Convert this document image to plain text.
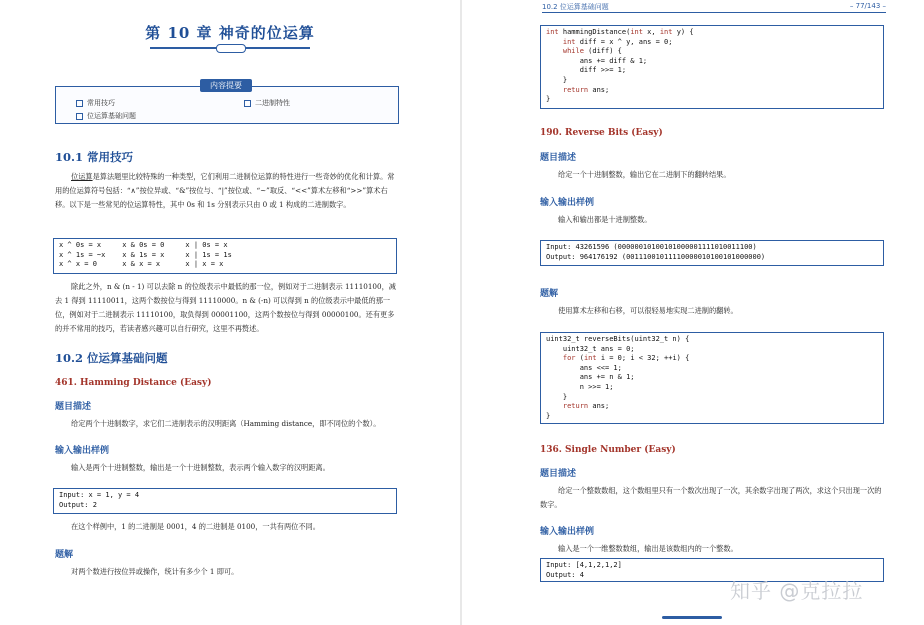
第 10 章 神奇的位运算
内容提要
常用技巧	二进制特性
位运算基础问题
10.1 常用技巧
位运算是算法题里比较特殊的一种类型，它们利用二进制位运算的特性进行一些奇妙的优化和计算。常用的位运算符号包括：“∧”按位异或、“&”按位与、“|”按位或、“~”取反、“<<”算术左移和“>>”算术右移。以下是一些常见的位运算特性，其中 0s 和 1s 分别表示只由 0 或 1 构成的二进制数字。
x ^ 0s = x     x & 0s = 0     x | 0s = x
x ^ 1s = ~x    x & 1s = x     x | 1s = 1s
x ^ x = 0      x & x = x      x | x = x
除此之外，n & (n - 1) 可以去除 n 的位级表示中最低的那一位，例如对于二进制表示 11110100，减去 1 得到 11110011，这两个数按位与得到 11110000。n & (-n) 可以得到 n 的位级表示中最低的那一位，例如对于二进制表示 11110100，取负得到 00001100，这两个数按位与得到 00000100。还有更多的并不常用的技巧，若读者感兴趣可以自行研究，这里不再赘述。
10.2 位运算基础问题
461. Hamming Distance (Easy)
题目描述
给定两个十进制数字，求它们二进制表示的汉明距离（Hamming distance，即不同位的个数）。
输入输出样例
输入是两个十进制整数，输出是一个十进制整数，表示两个输入数字的汉明距离。
Input: x = 1, y = 4
Output: 2
在这个样例中，1 的二进制是 0001，4 的二进制是 0100，一共有两位不同。
题解
对两个数进行按位异或操作，统计有多少个 1 即可。
10.2 位运算基础问题	– 77/143 –
int hammingDistance(int x, int y) {
int diff = x ^ y, ans = 0;
while (diff) {
ans += diff & 1;
diff >>= 1;
}
return ans;
}
190. Reverse Bits (Easy)
题目描述
给定一个十进制整数，输出它在二进制下的翻转结果。
输入输出样例
输入和输出都是十进制整数。
Input: 43261596 (00000010100101000001111010011100)
Output: 964176192 (00111001011110000010100101000000)
题解
使用算术左移和右移，可以很轻易地实现二进制的翻转。
uint32_t reverseBits(uint32_t n) {
uint32_t ans = 0;
for (int i = 0; i < 32; ++i) {
ans <<= 1;
ans += n & 1;
n >>= 1;
}
return ans;
}
136. Single Number (Easy)
题目描述
给定一个整数数组，这个数组里只有一个数次出现了一次，其余数字出现了两次，求这个只出现一次的数字。
输入输出样例
输入是一个一维整数数组，输出是该数组内的一个整数。
Input: [4,1,2,1,2]
Output: 4
知乎 @克拉拉
